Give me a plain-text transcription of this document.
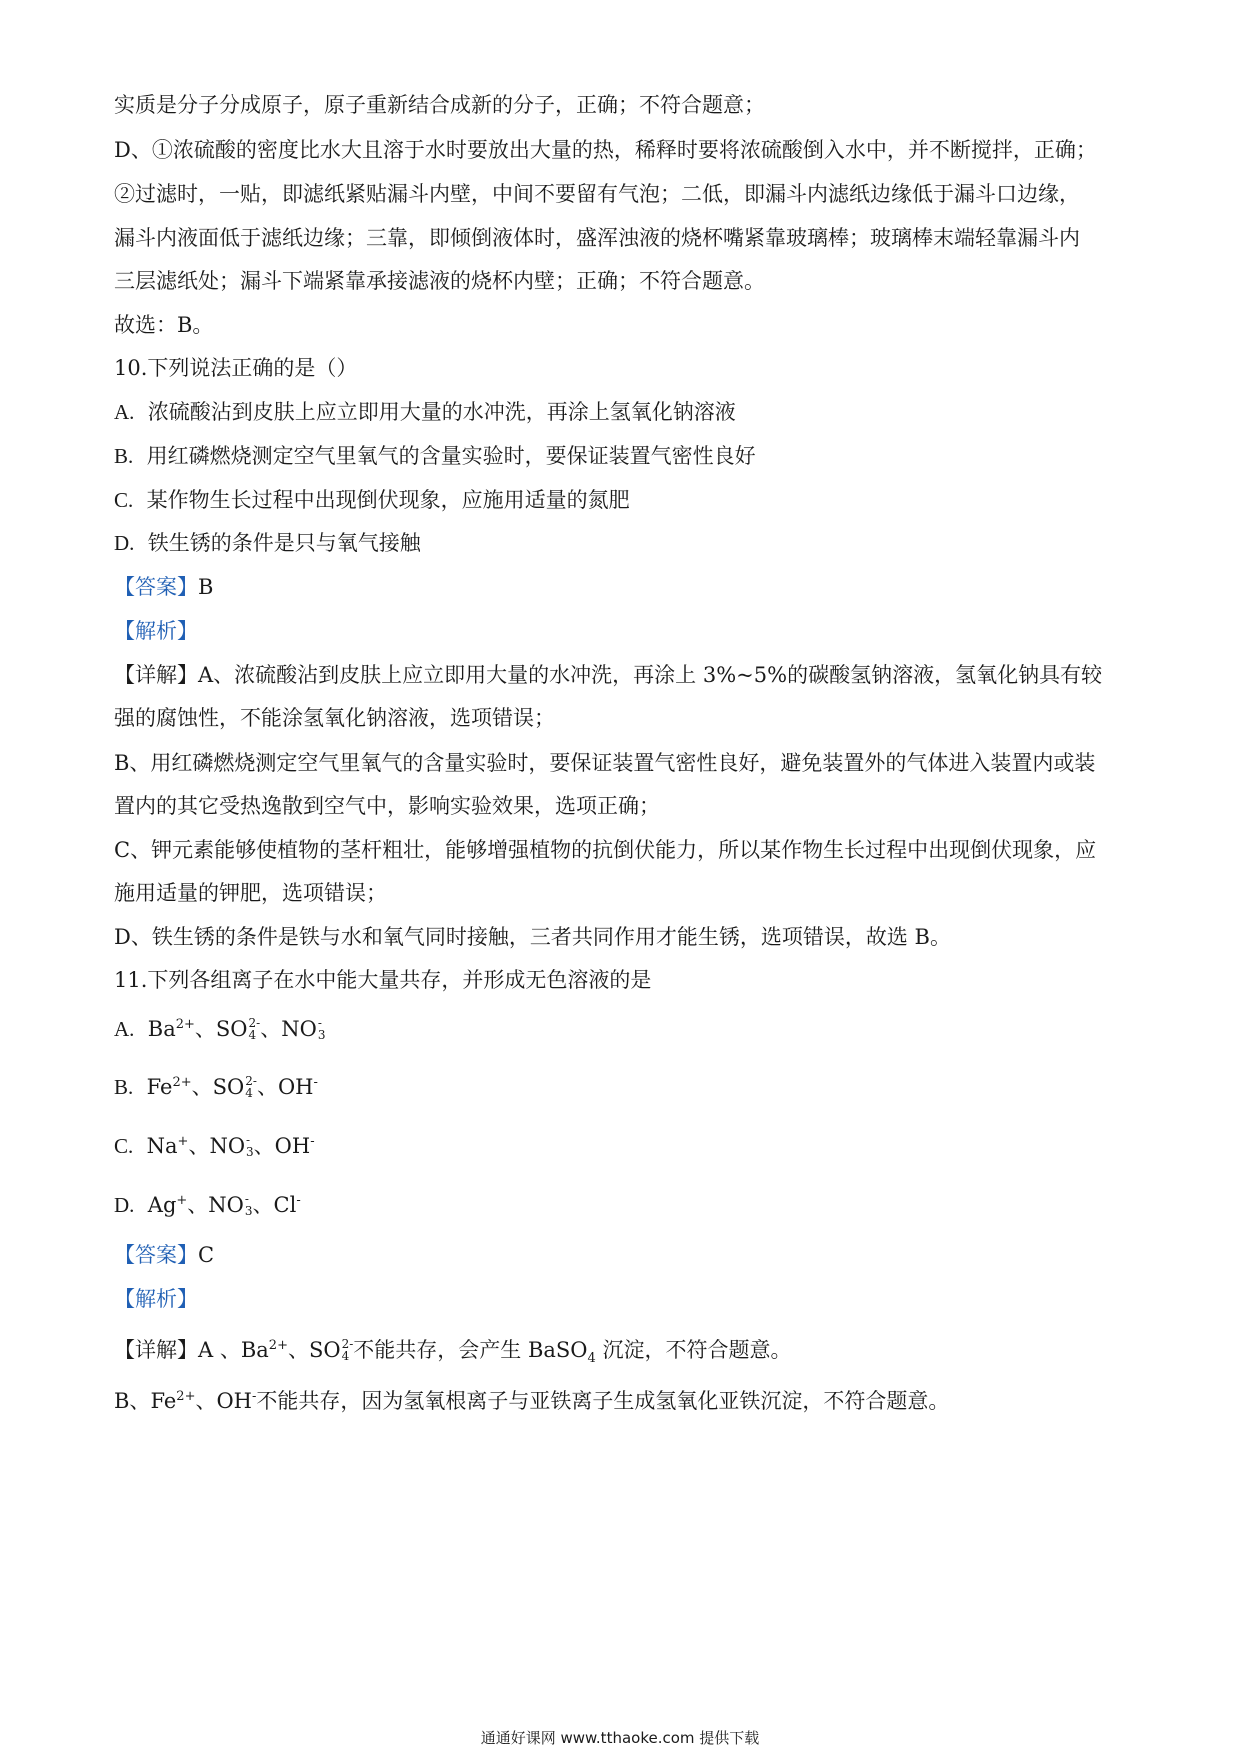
实质是分子分成原子，原子重新结合成新的分子，正确；不符合题意；
D、①浓硫酸的密度比水大且溶于水时要放出大量的热，稀释时要将浓硫酸倒入水中，并不断搅拌，正确；
②过滤时，一贴，即滤纸紧贴漏斗内壁，中间不要留有气泡；二低，即漏斗内滤纸边缘低于漏斗口边缘，
漏斗内液面低于滤纸边缘；三靠，即倾倒液体时，盛浑浊液的烧杯嘴紧靠玻璃棒；玻璃棒末端轻靠漏斗内
三层滤纸处；漏斗下端紧靠承接滤液的烧杯内壁；正确；不符合题意。
故选：B。
10.下列说法正确的是（）
A. 浓硫酸沾到皮肤上应立即用大量的水冲洗，再涂上氢氧化钠溶液
B. 用红磷燃烧测定空气里氧气的含量实验时，要保证装置气密性良好
C. 某作物生长过程中出现倒伏现象，应施用适量的氮肥
D. 铁生锈的条件是只与氧气接触
【答案】B
【解析】
【详解】A、浓硫酸沾到皮肤上应立即用大量的水冲洗，再涂上 3%~5%的碳酸氢钠溶液，氢氧化钠具有较
强的腐蚀性，不能涂氢氧化钠溶液，选项错误；
B、用红磷燃烧测定空气里氧气的含量实验时，要保证装置气密性良好，避免装置外的气体进入装置内或装
置内的其它受热逸散到空气中，影响实验效果，选项正确；
C、钾元素能够使植物的茎杆粗壮，能够增强植物的抗倒伏能力，所以某作物生长过程中出现倒伏现象，应
施用适量的钾肥，选项错误；
D、铁生锈的条件是铁与水和氧气同时接触，三者共同作用才能生锈，选项错误，故选 B。
11.下列各组离子在水中能大量共存，并形成无色溶液的是
A. $Ba^{2+}$、SO 2-
4 、NO -
3
B. $Fe^{2+}$、SO 2-
4 、OH-
C. Na+、NO -
3 、OH-
D. Ag+、NO -
3 、Cl-
【答案】C
【解析】
【详解】A 、$Ba^{2+}$、SO 2-
4 不能共存，会产生 BaSO$_4$ 沉淀，不符合题意。
B、$Fe^{2+}$、OH-不能共存，因为氢氧根离子与亚铁离子生成氢氧化亚铁沉淀，不符合题意。
通通好课网 www.tthaoke.com 提供下载
